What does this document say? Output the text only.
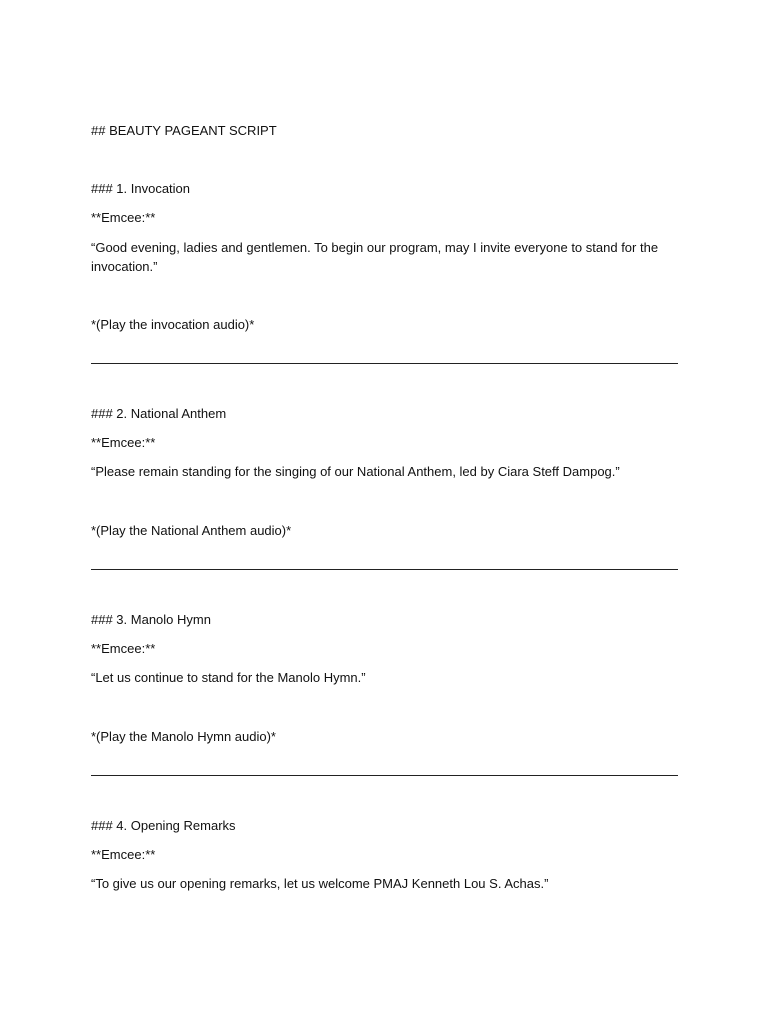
## BEAUTY PAGEANT SCRIPT
### 1. Invocation
**Emcee:**
“Good evening, ladies and gentlemen. To begin our program, may I invite everyone to stand for the invocation.”
*(Play the invocation audio)*
### 2. National Anthem
**Emcee:**
“Please remain standing for the singing of our National Anthem, led by Ciara Steff Dampog.”
*(Play the National Anthem audio)*
### 3. Manolo Hymn
**Emcee:**
“Let us continue to stand for the Manolo Hymn.”
*(Play the Manolo Hymn audio)*
### 4. Opening Remarks
**Emcee:**
“To give us our opening remarks, let us welcome PMAJ Kenneth Lou S. Achas.”
